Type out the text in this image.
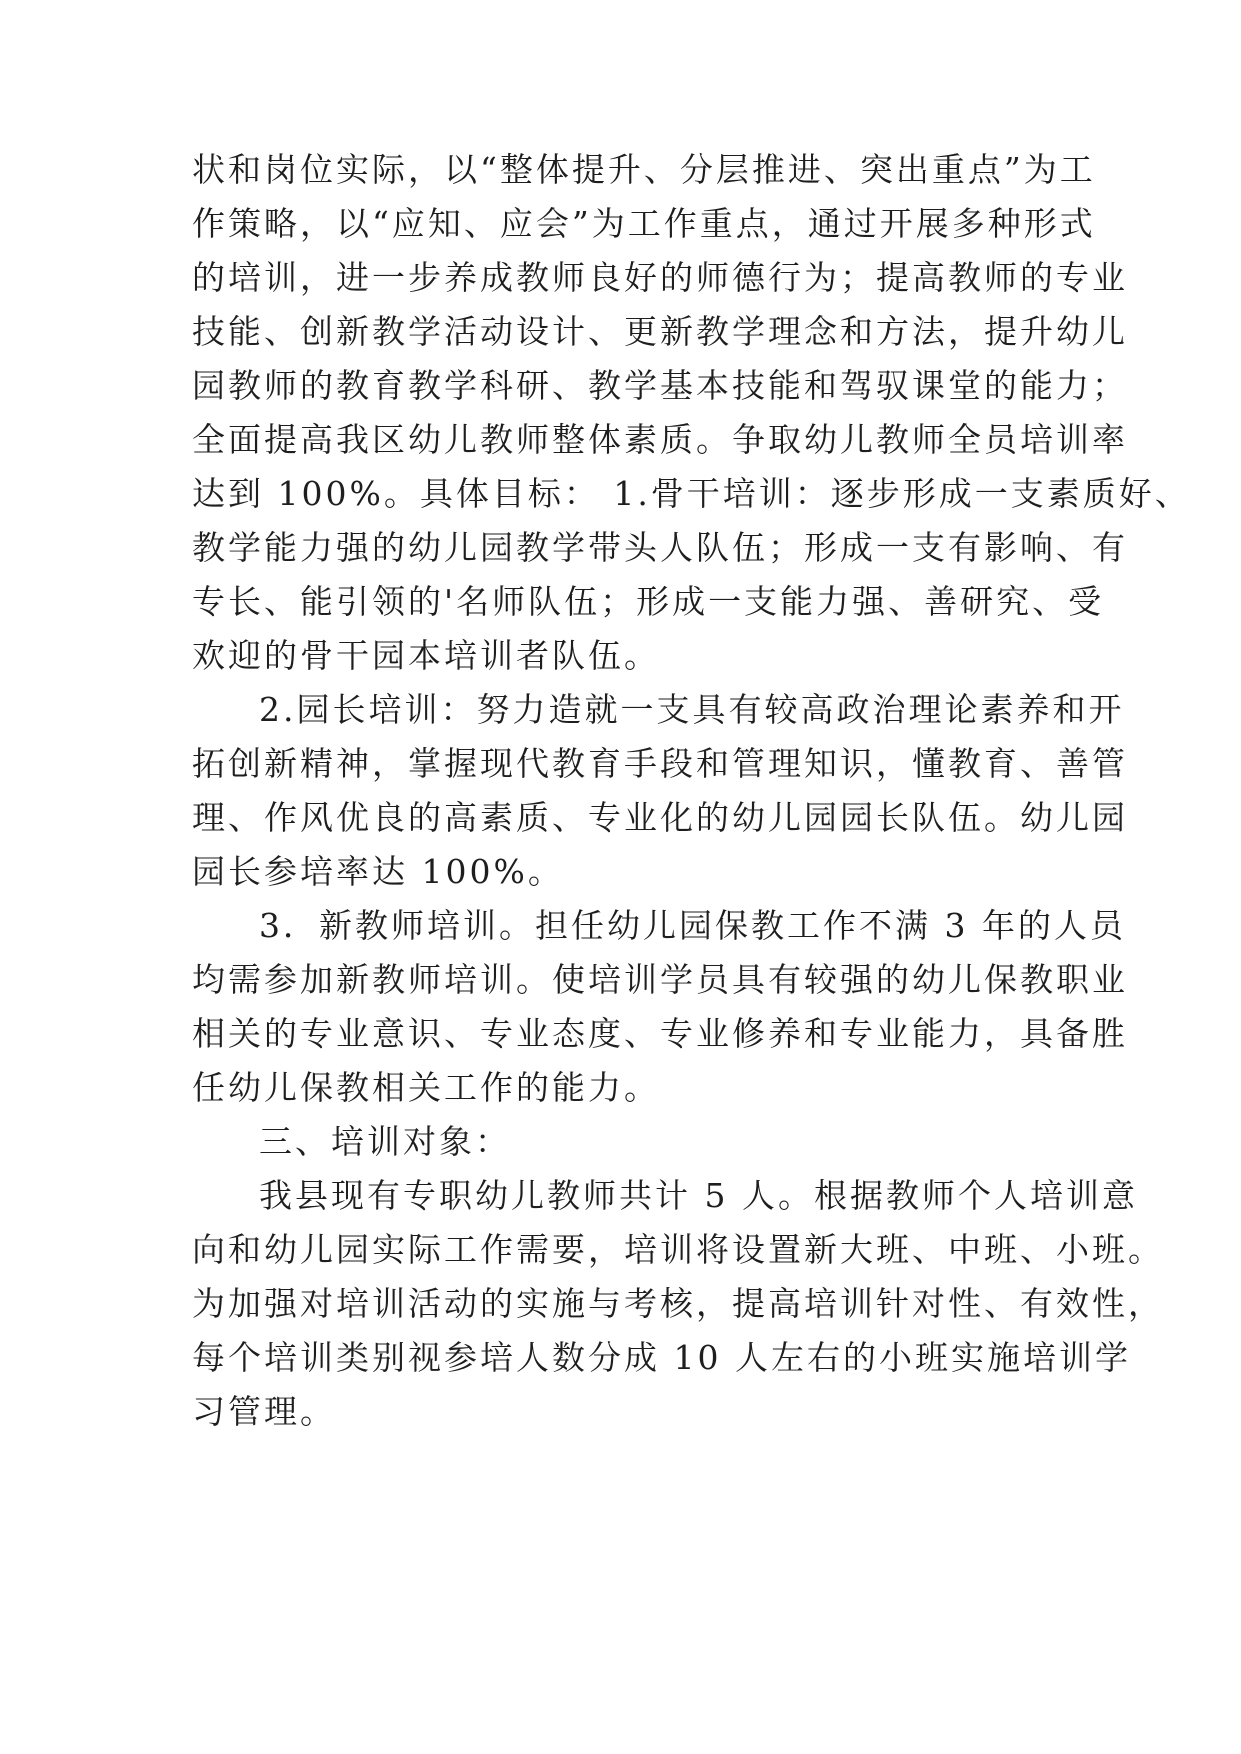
状和岗位实际，以“整体提升、分层推进、突出重点”为工
作策略，以“应知、应会”为工作重点，通过开展多种形式
的培训，进一步养成教师良好的师德行为；提高教师的专业
技能、创新教学活动设计、更新教学理念和方法，提升幼儿
园教师的教育教学科研、教学基本技能和驾驭课堂的能力；
全面提高我区幼儿教师整体素质。争取幼儿教师全员培训率
达到 100%。具体目标： 1.骨干培训：逐步形成一支素质好、
教学能力强的幼儿园教学带头人队伍；形成一支有影响、有
专长、能引领的'名师队伍；形成一支能力强、善研究、受
欢迎的骨干园本培训者队伍。
2.园长培训：努力造就一支具有较高政治理论素养和开
拓创新精神，掌握现代教育手段和管理知识，懂教育、善管
理、作风优良的高素质、专业化的幼儿园园长队伍。幼儿园
园长参培率达 100%。
3．新教师培训。担任幼儿园保教工作不满 3 年的人员
均需参加新教师培训。使培训学员具有较强的幼儿保教职业
相关的专业意识、专业态度、专业修养和专业能力，具备胜
任幼儿保教相关工作的能力。
三、培训对象：
我县现有专职幼儿教师共计 5 人。根据教师个人培训意
向和幼儿园实际工作需要，培训将设置新大班、中班、小班。
为加强对培训活动的实施与考核，提高培训针对性、有效性，
每个培训类别视参培人数分成 10 人左右的小班实施培训学
习管理。
